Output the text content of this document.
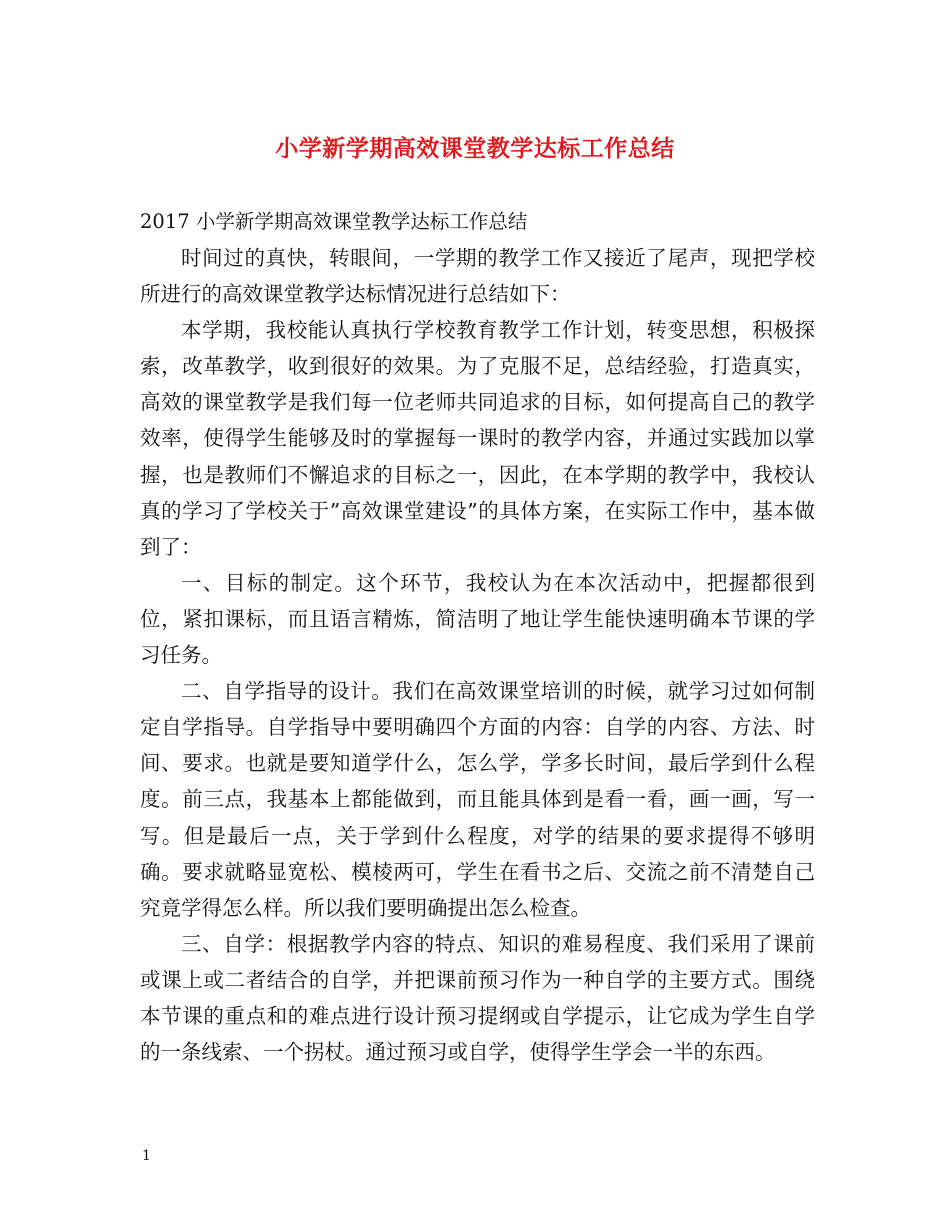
小学新学期高效课堂教学达标工作总结

2017 小学新学期高效课堂教学达标工作总结

时间过的真快，转眼间，一学期的教学工作又接近了尾声，现把学校所进行的高效课堂教学达标情况进行总结如下：

本学期，我校能认真执行学校教育教学工作计划，转变思想，积极探索，改革教学，收到很好的效果。为了克服不足，总结经验，打造真实，高效的课堂教学是我们每一位老师共同追求的目标，如何提高自己的教学效率，使得学生能够及时的掌握每一课时的教学内容，并通过实践加以掌握，也是教师们不懈追求的目标之一，因此，在本学期的教学中，我校认真的学习了学校关于”高效课堂建设”的具体方案，在实际工作中，基本做到了：

一、目标的制定。这个环节，我校认为在本次活动中，把握都很到位，紧扣课标，而且语言精炼，简洁明了地让学生能快速明确本节课的学习任务。

二、自学指导的设计。我们在高效课堂培训的时候，就学习过如何制定自学指导。自学指导中要明确四个方面的内容：自学的内容、方法、时间、要求。也就是要知道学什么，怎么学，学多长时间，最后学到什么程度。前三点，我基本上都能做到，而且能具体到是看一看，画一画，写一写。但是最后一点，关于学到什么程度，对学的结果的要求提得不够明确。要求就略显宽松、模棱两可，学生在看书之后、交流之前不清楚自己究竟学得怎么样。所以我们要明确提出怎么检查。

三、自学：根据教学内容的特点、知识的难易程度、我们采用了课前或课上或二者结合的自学，并把课前预习作为一种自学的主要方式。围绕本节课的重点和的难点进行设计预习提纲或自学提示，让它成为学生自学的一条线索、一个拐杖。通过预习或自学，使得学生学会一半的东西。

1
